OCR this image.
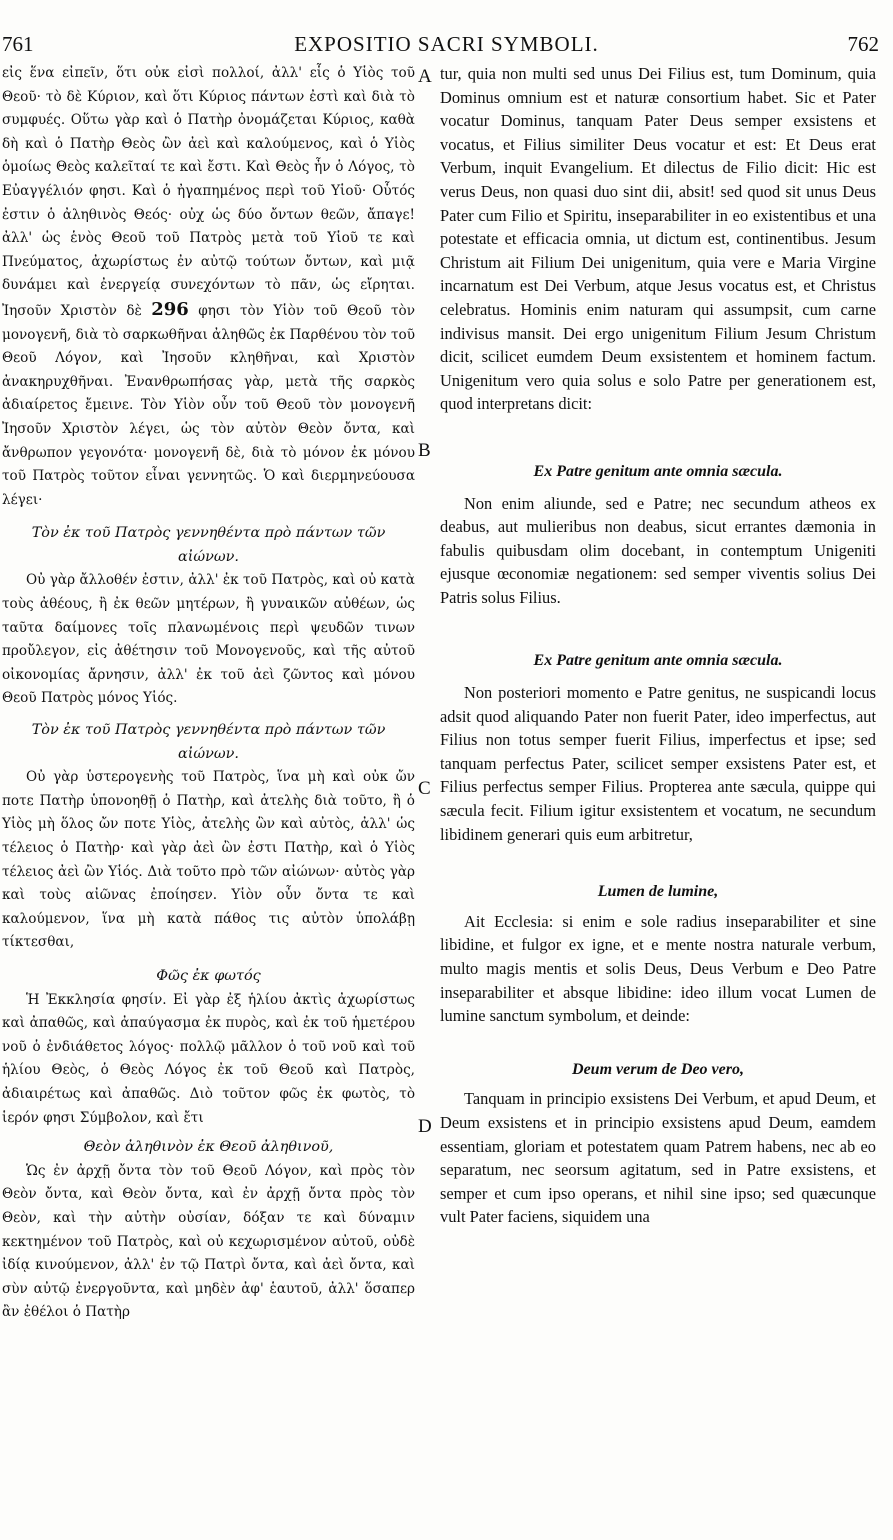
761	EXPOSITIO SACRI SYMBOLI.	762
A
B
C
D

εἰς ἕνα εἰπεῖν, ὅτι οὐκ εἰσὶ πολλοί, ἀλλ' εἷς ὁ Υἱὸς τοῦ Θεοῦ· τὸ δὲ Κύριον, καὶ ὅτι Κύριος πάντων ἐστὶ καὶ διὰ τὸ συμφυές. Οὕτω γὰρ καὶ ὁ Πατὴρ ὀνομάζεται Κύριος, καθὰ δὴ καὶ ὁ Πατὴρ Θεὸς ὢν ἀεὶ καὶ καλούμενος, καὶ ὁ Υἱὸς ὁμοίως Θεὸς καλεῖταί τε καὶ ἔστι. Καὶ Θεὸς ἦν ὁ Λόγος, τὸ Εὐαγγέλιόν φησι. Καὶ ὁ ἠγαπημένος περὶ τοῦ Υἱοῦ· Οὗτός ἐστιν ὁ ἀληθινὸς Θεός· οὐχ ὡς δύο ὄντων θεῶν, ἄπαγε! ἀλλ' ὡς ἑνὸς Θεοῦ τοῦ Πατρὸς μετὰ τοῦ Υἱοῦ τε καὶ Πνεύματος, ἀχωρίστως ἐν αὐτῷ τούτων ὄντων, καὶ μιᾷ δυνάμει καὶ ἐνεργείᾳ συνεχόντων τὸ πᾶν, ὡς εἴρηται. Ἰησοῦν Χριστὸν δὲ 296 φησι τὸν Υἱὸν τοῦ Θεοῦ τὸν μονογενῆ, διὰ τὸ σαρκωθῆναι ἀληθῶς ἐκ Παρθένου τὸν τοῦ Θεοῦ Λόγον, καὶ Ἰησοῦν κληθῆναι, καὶ Χριστὸν ἀνακηρυχθῆναι. Ἐνανθρωπήσας γὰρ, μετὰ τῆς σαρκὸς ἀδιαίρετος ἔμεινε. Τὸν Υἱὸν οὖν τοῦ Θεοῦ τὸν μονογενῆ Ἰησοῦν Χριστὸν λέγει, ὡς τὸν αὐτὸν Θεὸν ὄντα, καὶ ἄνθρωπον γεγονότα· μονογενῆ δὲ, διὰ τὸ μόνον ἐκ μόνου τοῦ Πατρὸς τοῦτον εἶναι γεννητῶς. Ὁ καὶ διερμηνεύουσα λέγει·

Τὸν ἐκ τοῦ Πατρὸς γεννηθέντα πρὸ πάντων τῶν αἰώνων.

Οὐ γὰρ ἄλλοθέν ἐστιν, ἀλλ' ἐκ τοῦ Πατρὸς, καὶ οὐ κατὰ τοὺς ἀθέους, ἢ ἐκ θεῶν μητέρων, ἢ γυναικῶν αὐθέων, ὡς ταῦτα δαίμονες τοῖς πλανωμένοις περὶ ψευδῶν τινων προὔλεγον, εἰς ἀθέτησιν τοῦ Μονογενοῦς, καὶ τῆς αὐτοῦ οἰκονομίας ἄρνησιν, ἀλλ' ἐκ τοῦ ἀεὶ ζῶντος καὶ μόνου Θεοῦ Πατρὸς μόνος Υἱός.

Τὸν ἐκ τοῦ Πατρὸς γεννηθέντα πρὸ πάντων τῶν αἰώνων.

Οὐ γὰρ ὑστερογενὴς τοῦ Πατρὸς, ἵνα μὴ καὶ οὐκ ὤν ποτε Πατὴρ ὑπονοηθῇ ὁ Πατὴρ, καὶ ἀτελὴς διὰ τοῦτο, ἢ ὁ Υἱὸς μὴ ὅλος ὤν ποτε Υἱὸς, ἀτελὴς ὢν καὶ αὐτὸς, ἀλλ' ὡς τέλειος ὁ Πατὴρ· καὶ γὰρ ἀεὶ ὢν ἐστι Πατὴρ, καὶ ὁ Υἱὸς τέλειος ἀεὶ ὢν Υἱός. Διὰ τοῦτο πρὸ τῶν αἰώνων· αὐτὸς γὰρ καὶ τοὺς αἰῶνας ἐποίησεν. Υἱὸν οὖν ὄντα τε καὶ καλούμενον, ἵνα μὴ κατὰ πάθος τις αὐτὸν ὑπολάβῃ τίκτεσθαι,

Φῶς ἐκ φωτός

Ἡ Ἐκκλησία φησίν. Εἰ γὰρ ἐξ ἡλίου ἀκτὶς ἀχωρίστως καὶ ἀπαθῶς, καὶ ἀπαύγασμα ἐκ πυρὸς, καὶ ἐκ τοῦ ἡμετέρου νοῦ ὁ ἐνδιάθετος λόγος· πολλῷ μᾶλλον ὁ τοῦ νοῦ καὶ τοῦ ἡλίου Θεὸς, ὁ Θεὸς Λόγος ἐκ τοῦ Θεοῦ καὶ Πατρὸς, ἀδιαιρέτως καὶ ἀπαθῶς. Διὸ τοῦτον φῶς ἐκ φωτὸς, τὸ ἱερόν φησι Σύμβολον, καὶ ἔτι

Θεὸν ἀληθινὸν ἐκ Θεοῦ ἀληθινοῦ,

Ὡς ἐν ἀρχῇ ὄντα τὸν τοῦ Θεοῦ Λόγον, καὶ πρὸς τὸν Θεὸν ὄντα, καὶ Θεὸν ὄντα, καὶ ἐν ἀρχῇ ὄντα πρὸς τὸν Θεὸν, καὶ τὴν αὐτὴν οὐσίαν, δόξαν τε καὶ δύναμιν κεκτημένον τοῦ Πατρὸς, καὶ οὐ κεχωρισμένον αὐτοῦ, οὐδὲ ἰδίᾳ κινούμενον, ἀλλ' ἐν τῷ Πατρὶ ὄντα, καὶ ἀεὶ ὄντα, καὶ σὺν αὐτῷ ἐνεργοῦντα, καὶ μηδὲν ἀφ' ἑαυτοῦ, ἀλλ' ὅσαπερ ἂν ἐθέλοι ὁ Πατὴρ

tur, quia non multi sed unus Dei Filius est, tum Dominum, quia Dominus omnium est et naturæ consortium habet. Sic et Pater vocatur Dominus, tanquam Pater Deus semper exsistens et vocatus, et Filius similiter Deus vocatur et est: Et Deus erat Verbum, inquit Evangelium. Et dilectus de Filio dicit: Hic est verus Deus, non quasi duo sint dii, absit! sed quod sit unus Deus Pater cum Filio et Spiritu, inseparabiliter in eo existentibus et una potestate et efficacia omnia, ut dictum est, continentibus. Jesum Christum ait Filium Dei unigenitum, quia vere e Maria Virgine incarnatum est Dei Verbum, atque Jesus vocatus est, et Christus celebratus. Hominis enim naturam qui assumpsit, cum carne indivisus mansit. Dei ergo unigenitum Filium Jesum Christum dicit, scilicet eumdem Deum exsistentem et hominem factum. Unigenitum vero quia solus e solo Patre per generationem est, quod interpretans dicit:

Ex Patre genitum ante omnia sæcula.

Non enim aliunde, sed e Patre; nec secundum atheos ex deabus, aut mulieribus non deabus, sicut errantes dæmonia in fabulis quibusdam olim docebant, in contemptum Unigeniti ejusque œconomiæ negationem: sed semper viventis solius Dei Patris solus Filius.

Ex Patre genitum ante omnia sæcula.

Non posteriori momento e Patre genitus, ne suspicandi locus adsit quod aliquando Pater non fuerit Pater, ideo imperfectus, aut Filius non totus semper fuerit Filius, imperfectus et ipse; sed tanquam perfectus Pater, scilicet semper exsistens Pater est, et Filius perfectus semper Filius. Propterea ante sæcula, quippe qui sæcula fecit. Filium igitur exsistentem et vocatum, ne secundum libidinem generari quis eum arbitretur,

Lumen de lumine,

Ait Ecclesia: si enim e sole radius inseparabiliter et sine libidine, et fulgor ex igne, et e mente nostra naturale verbum, multo magis mentis et solis Deus, Deus Verbum e Deo Patre inseparabiliter et absque libidine: ideo illum vocat Lumen de lumine sanctum symbolum, et deinde:

Deum verum de Deo vero,

Tanquam in principio exsistens Dei Verbum, et apud Deum, et Deum exsistens et in principio exsistens apud Deum, eamdem essentiam, gloriam et potestatem quam Patrem habens, nec ab eo separatum, nec seorsum agitatum, sed in Patre exsistens, et semper et cum ipso operans, et nihil sine ipso; sed quæcunque vult Pater faciens, siquidem una
